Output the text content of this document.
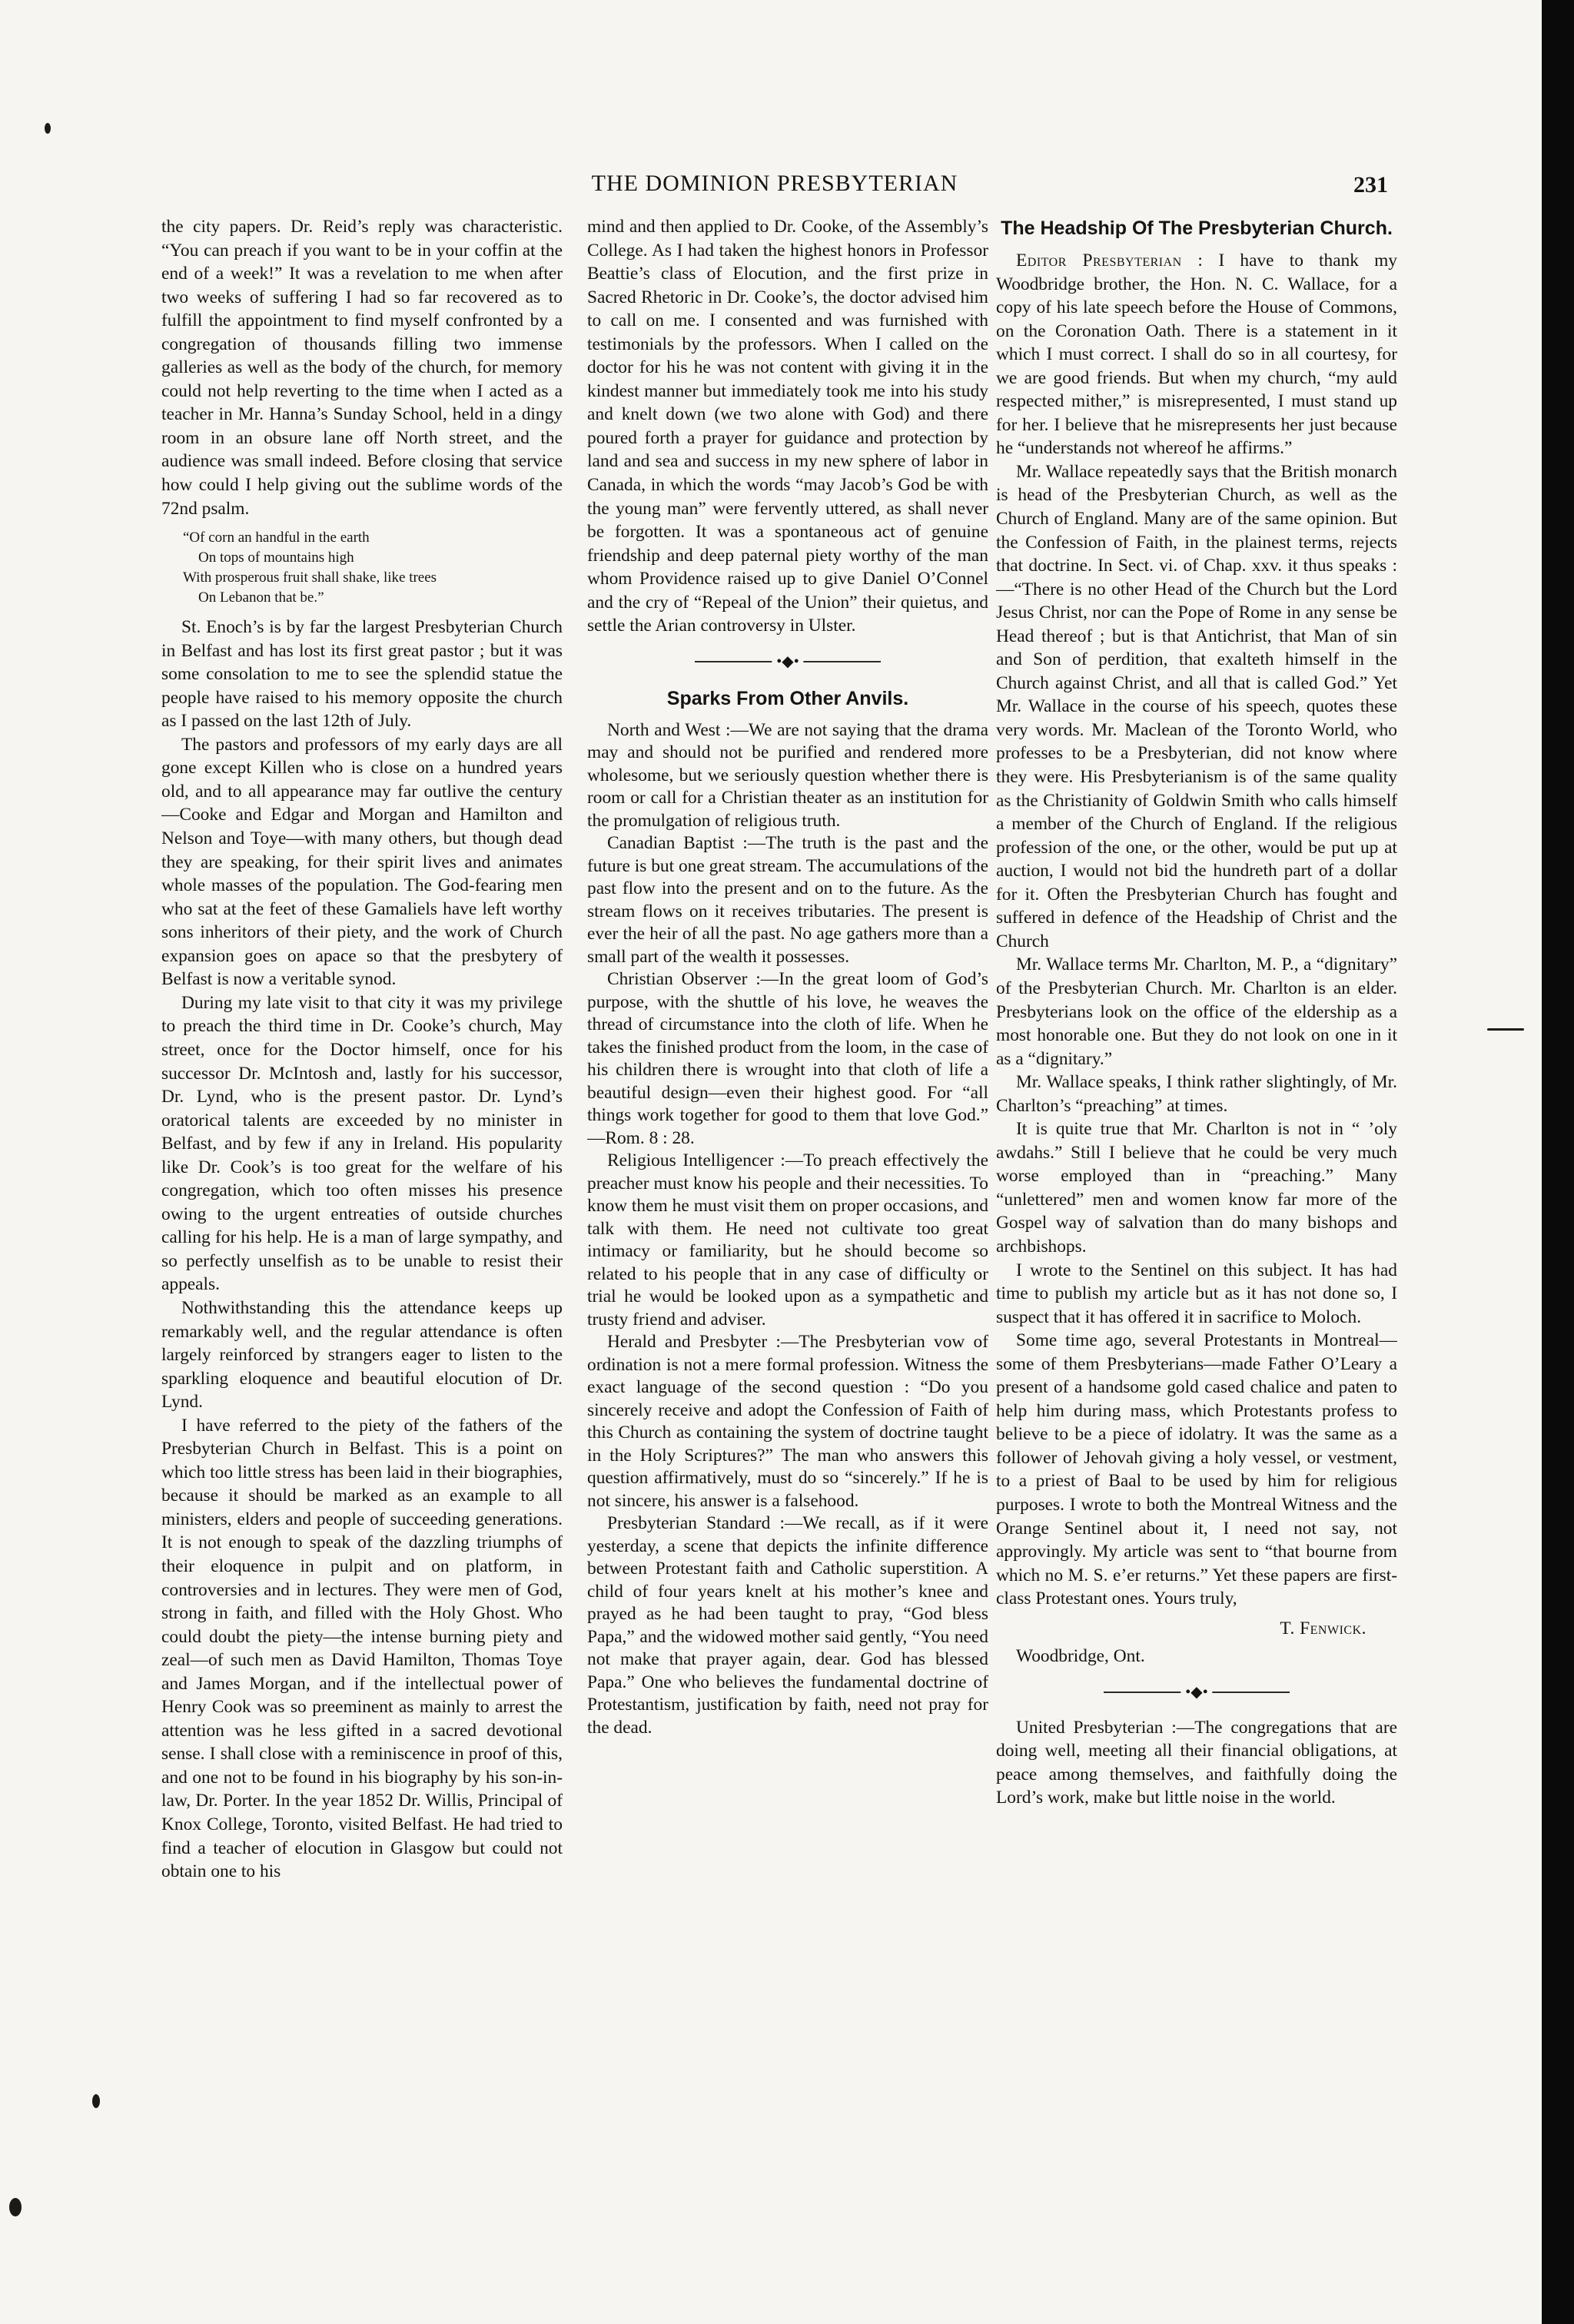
THE DOMINION PRESBYTERIAN	231

the city papers. Dr. Reid’s reply was characteristic. “You can preach if you want to be in your coffin at the end of a week!” It was a revelation to me when after two weeks of suffering I had so far recovered as to fulfill the appointment to find myself confronted by a congregation of thousands filling two immense galleries as well as the body of the church, for memory could not help reverting to the time when I acted as a teacher in Mr. Hanna’s Sunday School, held in a dingy room in an obsure lane off North street, and the audience was small indeed. Before closing that service how could I help giving out the sublime words of the 72nd psalm.

“Of corn an handful in the earth
On tops of mountains high
With prosperous fruit shall shake, like trees
On Lebanon that be.”

St. Enoch’s is by far the largest Presbyterian Church in Belfast and has lost its first great pastor ; but it was some consolation to me to see the splendid statue the people have raised to his memory opposite the church as I passed on the last 12th of July.

The pastors and professors of my early days are all gone except Killen who is close on a hundred years old, and to all appearance may far outlive the century—Cooke and Edgar and Morgan and Hamilton and Nelson and Toye—with many others, but though dead they are speaking, for their spirit lives and animates whole masses of the population. The God-fearing men who sat at the feet of these Gamaliels have left worthy sons inheritors of their piety, and the work of Church expansion goes on apace so that the presbytery of Belfast is now a veritable synod.

During my late visit to that city it was my privilege to preach the third time in Dr. Cooke’s church, May street, once for the Doctor himself, once for his successor Dr. McIntosh and, lastly for his successor, Dr. Lynd, who is the present pastor. Dr. Lynd’s oratorical talents are exceeded by no minister in Belfast, and by few if any in Ireland. His popularity like Dr. Cook’s is too great for the welfare of his congregation, which too often misses his presence owing to the urgent entreaties of outside churches calling for his help. He is a man of large sympathy, and so perfectly unselfish as to be unable to resist their appeals.

Nothwithstanding this the attendance keeps up remarkably well, and the regular attendance is often largely reinforced by strangers eager to listen to the sparkling eloquence and beautiful elocution of Dr. Lynd.

I have referred to the piety of the fathers of the Presbyterian Church in Belfast. This is a point on which too little stress has been laid in their biographies, because it should be marked as an example to all ministers, elders and people of succeeding generations. It is not enough to speak of the dazzling triumphs of their eloquence in pulpit and on platform, in controversies and in lectures. They were men of God, strong in faith, and filled with the Holy Ghost. Who could doubt the piety—the intense burning piety and zeal—of such men as David Hamilton, Thomas Toye and James Morgan, and if the intellectual power of Henry Cook was so preeminent as mainly to arrest the attention was he less gifted in a sacred devotional sense. I shall close with a reminiscence in proof of this, and one not to be found in his biography by his son-in-law, Dr. Porter. In the year 1852 Dr. Willis, Principal of Knox College, Toronto, visited Belfast. He had tried to find a teacher of elocution in Glasgow but could not obtain one to his

mind and then applied to Dr. Cooke, of the Assembly’s College. As I had taken the highest honors in Professor Beattie’s class of Elocution, and the first prize in Sacred Rhetoric in Dr. Cooke’s, the doctor advised him to call on me. I consented and was furnished with testimonials by the professors. When I called on the doctor for his he was not content with giving it in the kindest manner but immediately took me into his study and knelt down (we two alone with God) and there poured forth a prayer for guidance and protection by land and sea and success in my new sphere of labor in Canada, in which the words “may Jacob’s God be with the young man” were fervently uttered, as shall never be forgotten. It was a spontaneous act of genuine friendship and deep paternal piety worthy of the man whom Providence raised up to give Daniel O’Connel and the cry of “Repeal of the Union” their quietus, and settle the Arian controversy in Ulster.

•◆•
Sparks From Other Anvils.

North and West :—We are not saying that the drama may and should not be purified and rendered more wholesome, but we seriously question whether there is room or call for a Christian theater as an institution for the promulgation of religious truth.

Canadian Baptist :—The truth is the past and the future is but one great stream. The accumulations of the past flow into the present and on to the future. As the stream flows on it receives tributaries. The present is ever the heir of all the past. No age gathers more than a small part of the wealth it possesses.

Christian Observer :—In the great loom of God’s purpose, with the shuttle of his love, he weaves the thread of circumstance into the cloth of life. When he takes the finished product from the loom, in the case of his children there is wrought into that cloth of life a beautiful design—even their highest good. For “all things work together for good to them that love God.” —Rom. 8 : 28.

Religious Intelligencer :—To preach effectively the preacher must know his people and their necessities. To know them he must visit them on proper occasions, and talk with them. He need not cultivate too great intimacy or familiarity, but he should become so related to his people that in any case of difficulty or trial he would be looked upon as a sympathetic and trusty friend and adviser.

Herald and Presbyter :—The Presbyterian vow of ordination is not a mere formal profession. Witness the exact language of the second question : “Do you sincerely receive and adopt the Confession of Faith of this Church as containing the system of doctrine taught in the Holy Scriptures?” The man who answers this question affirmatively, must do so “sincerely.” If he is not sincere, his answer is a falsehood.

Presbyterian Standard :—We recall, as if it were yesterday, a scene that depicts the infinite difference between Protestant faith and Catholic superstition. A child of four years knelt at his mother’s knee and prayed as he had been taught to pray, “God bless Papa,” and the widowed mother said gently, “You need not make that prayer again, dear. God has blessed Papa.” One who believes the fundamental doctrine of Protestantism, justification by faith, need not pray for the dead.

The Headship Of The Presbyterian Church.

Editor Presbyterian : I have to thank my Woodbridge brother, the Hon. N. C. Wallace, for a copy of his late speech before the House of Commons, on the Coronation Oath. There is a statement in it which I must correct. I shall do so in all courtesy, for we are good friends. But when my church, “my auld respected mither,” is misrepresented, I must stand up for her. I believe that he misrepresents her just because he “understands not whereof he affirms.”

Mr. Wallace repeatedly says that the British monarch is head of the Presbyterian Church, as well as the Church of England. Many are of the same opinion. But the Confession of Faith, in the plainest terms, rejects that doctrine. In Sect. vi. of Chap. xxv. it thus speaks :—“There is no other Head of the Church but the Lord Jesus Christ, nor can the Pope of Rome in any sense be Head thereof ; but is that Antichrist, that Man of sin and Son of perdition, that exalteth himself in the Church against Christ, and all that is called God.” Yet Mr. Wallace in the course of his speech, quotes these very words. Mr. Maclean of the Toronto World, who professes to be a Presbyterian, did not know where they were. His Presbyterianism is of the same quality as the Christianity of Goldwin Smith who calls himself a member of the Church of England. If the religious profession of the one, or the other, would be put up at auction, I would not bid the hundreth part of a dollar for it. Often the Presbyterian Church has fought and suffered in defence of the Headship of Christ and the Church

Mr. Wallace terms Mr. Charlton, M. P., a “dignitary” of the Presbyterian Church. Mr. Charlton is an elder. Presbyterians look on the office of the eldership as a most honorable one. But they do not look on one in it as a “dignitary.”

Mr. Wallace speaks, I think rather slightingly, of Mr. Charlton’s “preaching” at times.

It is quite true that Mr. Charlton is not in “ ’oly awdahs.” Still I believe that he could be very much worse employed than in “preaching.” Many “unlettered” men and women know far more of the Gospel way of salvation than do many bishops and archbishops.

I wrote to the Sentinel on this subject. It has had time to publish my article but as it has not done so, I suspect that it has offered it in sacrifice to Moloch.

Some time ago, several Protestants in Montreal—some of them Presbyterians—made Father O’Leary a present of a handsome gold cased chalice and paten to help him during mass, which Protestants profess to believe to be a piece of idolatry. It was the same as a follower of Jehovah giving a holy vessel, or vestment, to a priest of Baal to be used by him for religious purposes. I wrote to both the Montreal Witness and the Orange Sentinel about it, I need not say, not approvingly. My article was sent to “that bourne from which no M. S. e’er returns.” Yet these papers are first-class Protestant ones. Yours truly,

T. Fenwick.
Woodbridge, Ont.
•◆•

United Presbyterian :—The congregations that are doing well, meeting all their financial obligations, at peace among themselves, and faithfully doing the Lord’s work, make but little noise in the world.
